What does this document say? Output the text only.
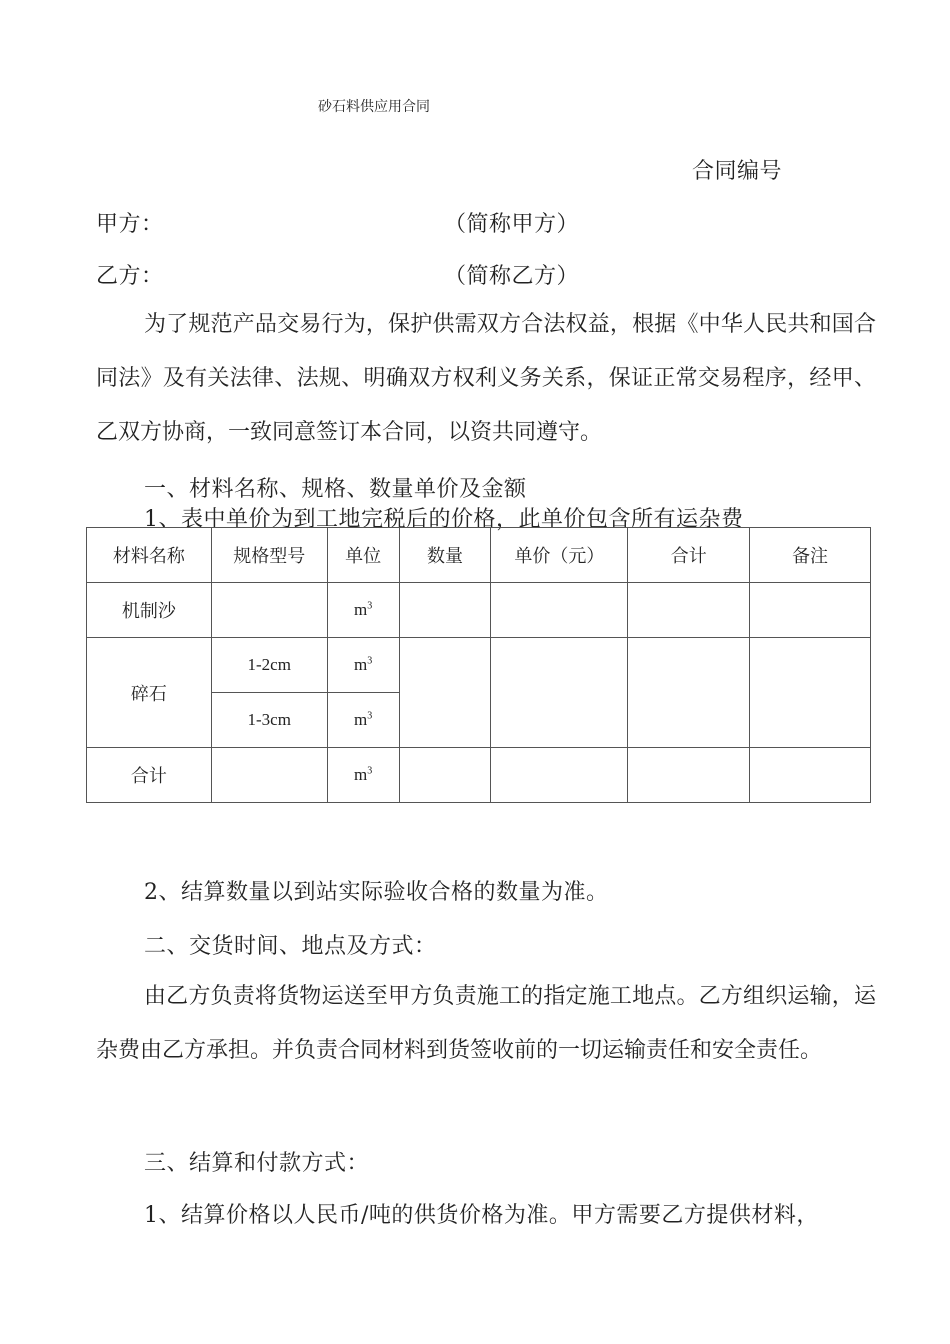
砂石料供应用合同
合同编号
甲方：	（简称甲方）
乙方：	（简称乙方）
为了规范产品交易行为，保护供需双方合法权益，根据《中华人民共和国合同法》及有关法律、法规、明确双方权利义务关系，保证正常交易程序，经甲、乙双方协商，一致同意签订本合同，以资共同遵守。
一、材料名称、规格、数量单价及金额
1、表中单价为到工地完税后的价格，此单价包含所有运杂费
材料名称	规格型号	单位	数量	单价（元）	合计	备注
机制沙		$m^3$				
碎石	1-2cm	$m^3$				
	1-3cm	$m^3$
合计		$m^3$				
2、结算数量以到站实际验收合格的数量为准。
二、交货时间、地点及方式：
由乙方负责将货物运送至甲方负责施工的指定施工地点。乙方组织运输，运杂费由乙方承担。并负责合同材料到货签收前的一切运输责任和安全责任。
三、结算和付款方式：
1、结算价格以人民币/吨的供货价格为准。甲方需要乙方提供材料，
